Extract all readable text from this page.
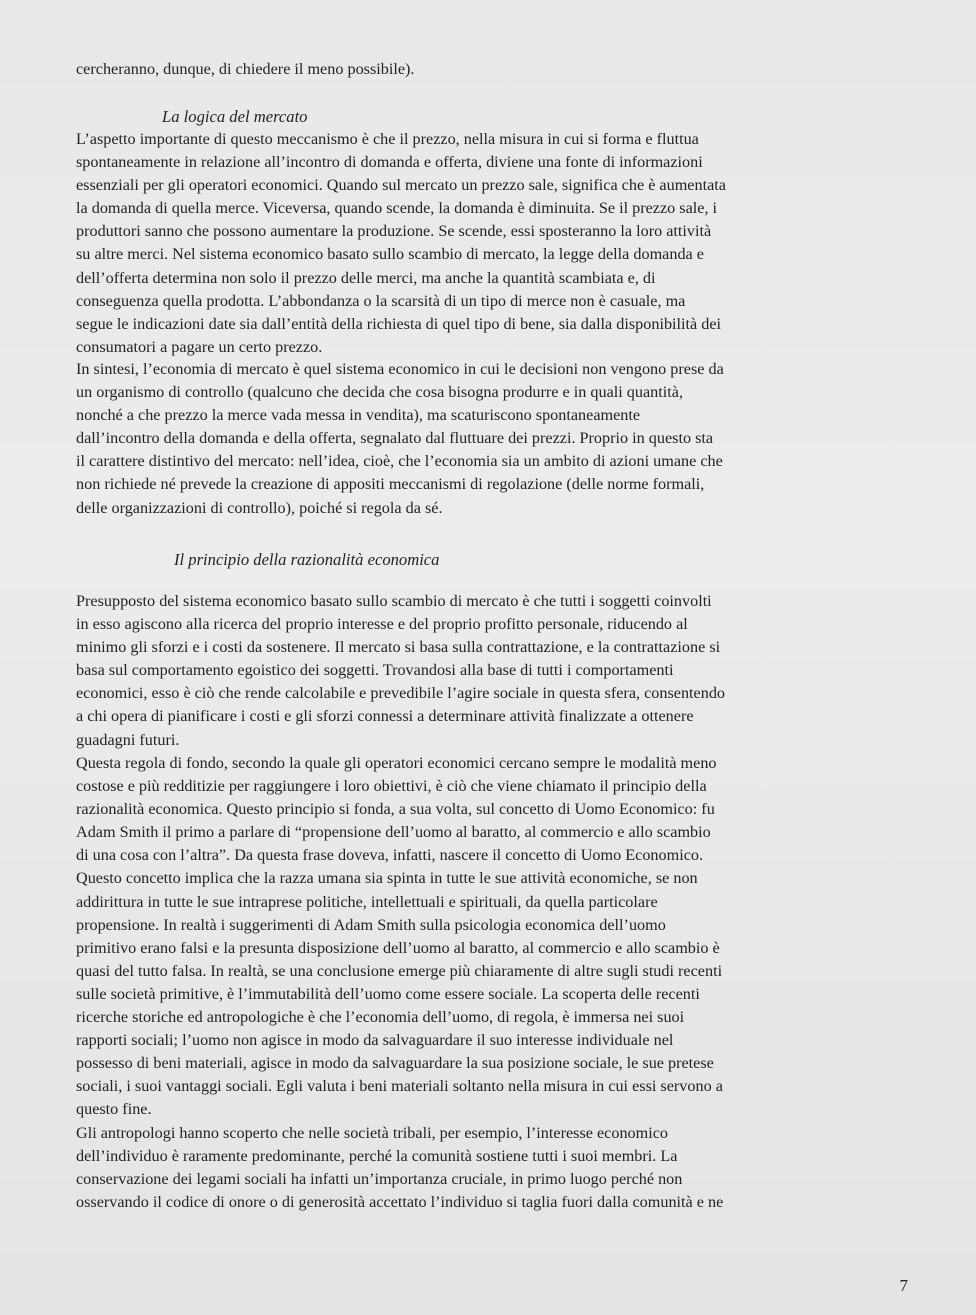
cercheranno, dunque, di chiedere il meno possibile).

La logica del mercato

L’aspetto importante di questo meccanismo è che il prezzo, nella misura in cui si forma e fluttua
spontaneamente in relazione all’incontro di domanda e offerta, diviene una fonte di informazioni
essenziali per gli operatori economici. Quando sul mercato un prezzo sale, significa che è aumentata
la domanda di quella merce. Viceversa, quando scende, la domanda è diminuita. Se il prezzo sale, i
produttori sanno che possono aumentare la produzione. Se scende, essi sposteranno la loro attività
su altre merci. Nel sistema economico basato sullo scambio di mercato, la legge della domanda e
dell’offerta determina non solo il prezzo delle merci, ma anche la quantità scambiata e, di
conseguenza quella prodotta. L’abbondanza o la scarsità di un tipo di merce non è casuale, ma
segue le indicazioni date sia dall’entità della richiesta di quel tipo di bene, sia dalla disponibilità dei
consumatori a pagare un certo prezzo.

In sintesi, l’economia di mercato è quel sistema economico in cui le decisioni non vengono prese da
un organismo di controllo (qualcuno che decida che cosa bisogna produrre e in quali quantità,
nonché a che prezzo la merce vada messa in vendita), ma scaturiscono spontaneamente
dall’incontro della domanda e della offerta, segnalato dal fluttuare dei prezzi. Proprio in questo sta
il carattere distintivo del mercato: nell’idea, cioè, che l’economia sia un ambito di azioni umane che
non richiede né prevede la creazione di appositi meccanismi di regolazione (delle norme formali,
delle organizzazioni di controllo), poiché si regola da sé.

Il principio della razionalità economica

Presupposto del sistema economico basato sullo scambio di mercato è che tutti i soggetti coinvolti
in esso agiscono alla ricerca del proprio interesse e del proprio profitto personale, riducendo al
minimo gli sforzi e i costi da sostenere. Il mercato si basa sulla contrattazione, e la contrattazione si
basa sul comportamento egoistico dei soggetti. Trovandosi alla base di tutti i comportamenti
economici, esso è ciò che rende calcolabile e prevedibile l’agire sociale in questa sfera, consentendo
a chi opera di pianificare i costi e gli sforzi connessi a determinare attività finalizzate a ottenere
guadagni futuri.

Questa regola di fondo, secondo la quale gli operatori economici cercano sempre le modalità meno
costose e più redditizie per raggiungere i loro obiettivi, è ciò che viene chiamato il principio della
razionalità economica. Questo principio si fonda, a sua volta, sul concetto di Uomo Economico: fu
Adam Smith il primo a parlare di “propensione dell’uomo al baratto, al commercio e allo scambio
di una cosa con l’altra”. Da questa frase doveva, infatti, nascere il concetto di Uomo Economico.
Questo concetto implica che la razza umana sia spinta in tutte le sue attività economiche, se non
addirittura in tutte le sue intraprese politiche, intellettuali e spirituali, da quella particolare
propensione. In realtà i suggerimenti di Adam Smith sulla psicologia economica dell’uomo
primitivo erano falsi e la presunta disposizione dell’uomo al baratto, al commercio e allo scambio è
quasi del tutto falsa. In realtà, se una conclusione emerge più chiaramente di altre sugli studi recenti
sulle società primitive, è l’immutabilità dell’uomo come essere sociale. La scoperta delle recenti
ricerche storiche ed antropologiche è che l’economia dell’uomo, di regola, è immersa nei suoi
rapporti sociali; l’uomo non agisce in modo da salvaguardare il suo interesse individuale nel
possesso di beni materiali, agisce in modo da salvaguardare la sua posizione sociale, le sue pretese
sociali, i suoi vantaggi sociali. Egli valuta i beni materiali soltanto nella misura in cui essi servono a
questo fine.

Gli antropologi hanno scoperto che nelle società tribali, per esempio, l’interesse economico
dell’individuo è raramente predominante, perché la comunità sostiene tutti i suoi membri. La
conservazione dei legami sociali ha infatti un’importanza cruciale, in primo luogo perché non
osservando il codice di onore o di generosità accettato l’individuo si taglia fuori dalla comunità e ne

7
